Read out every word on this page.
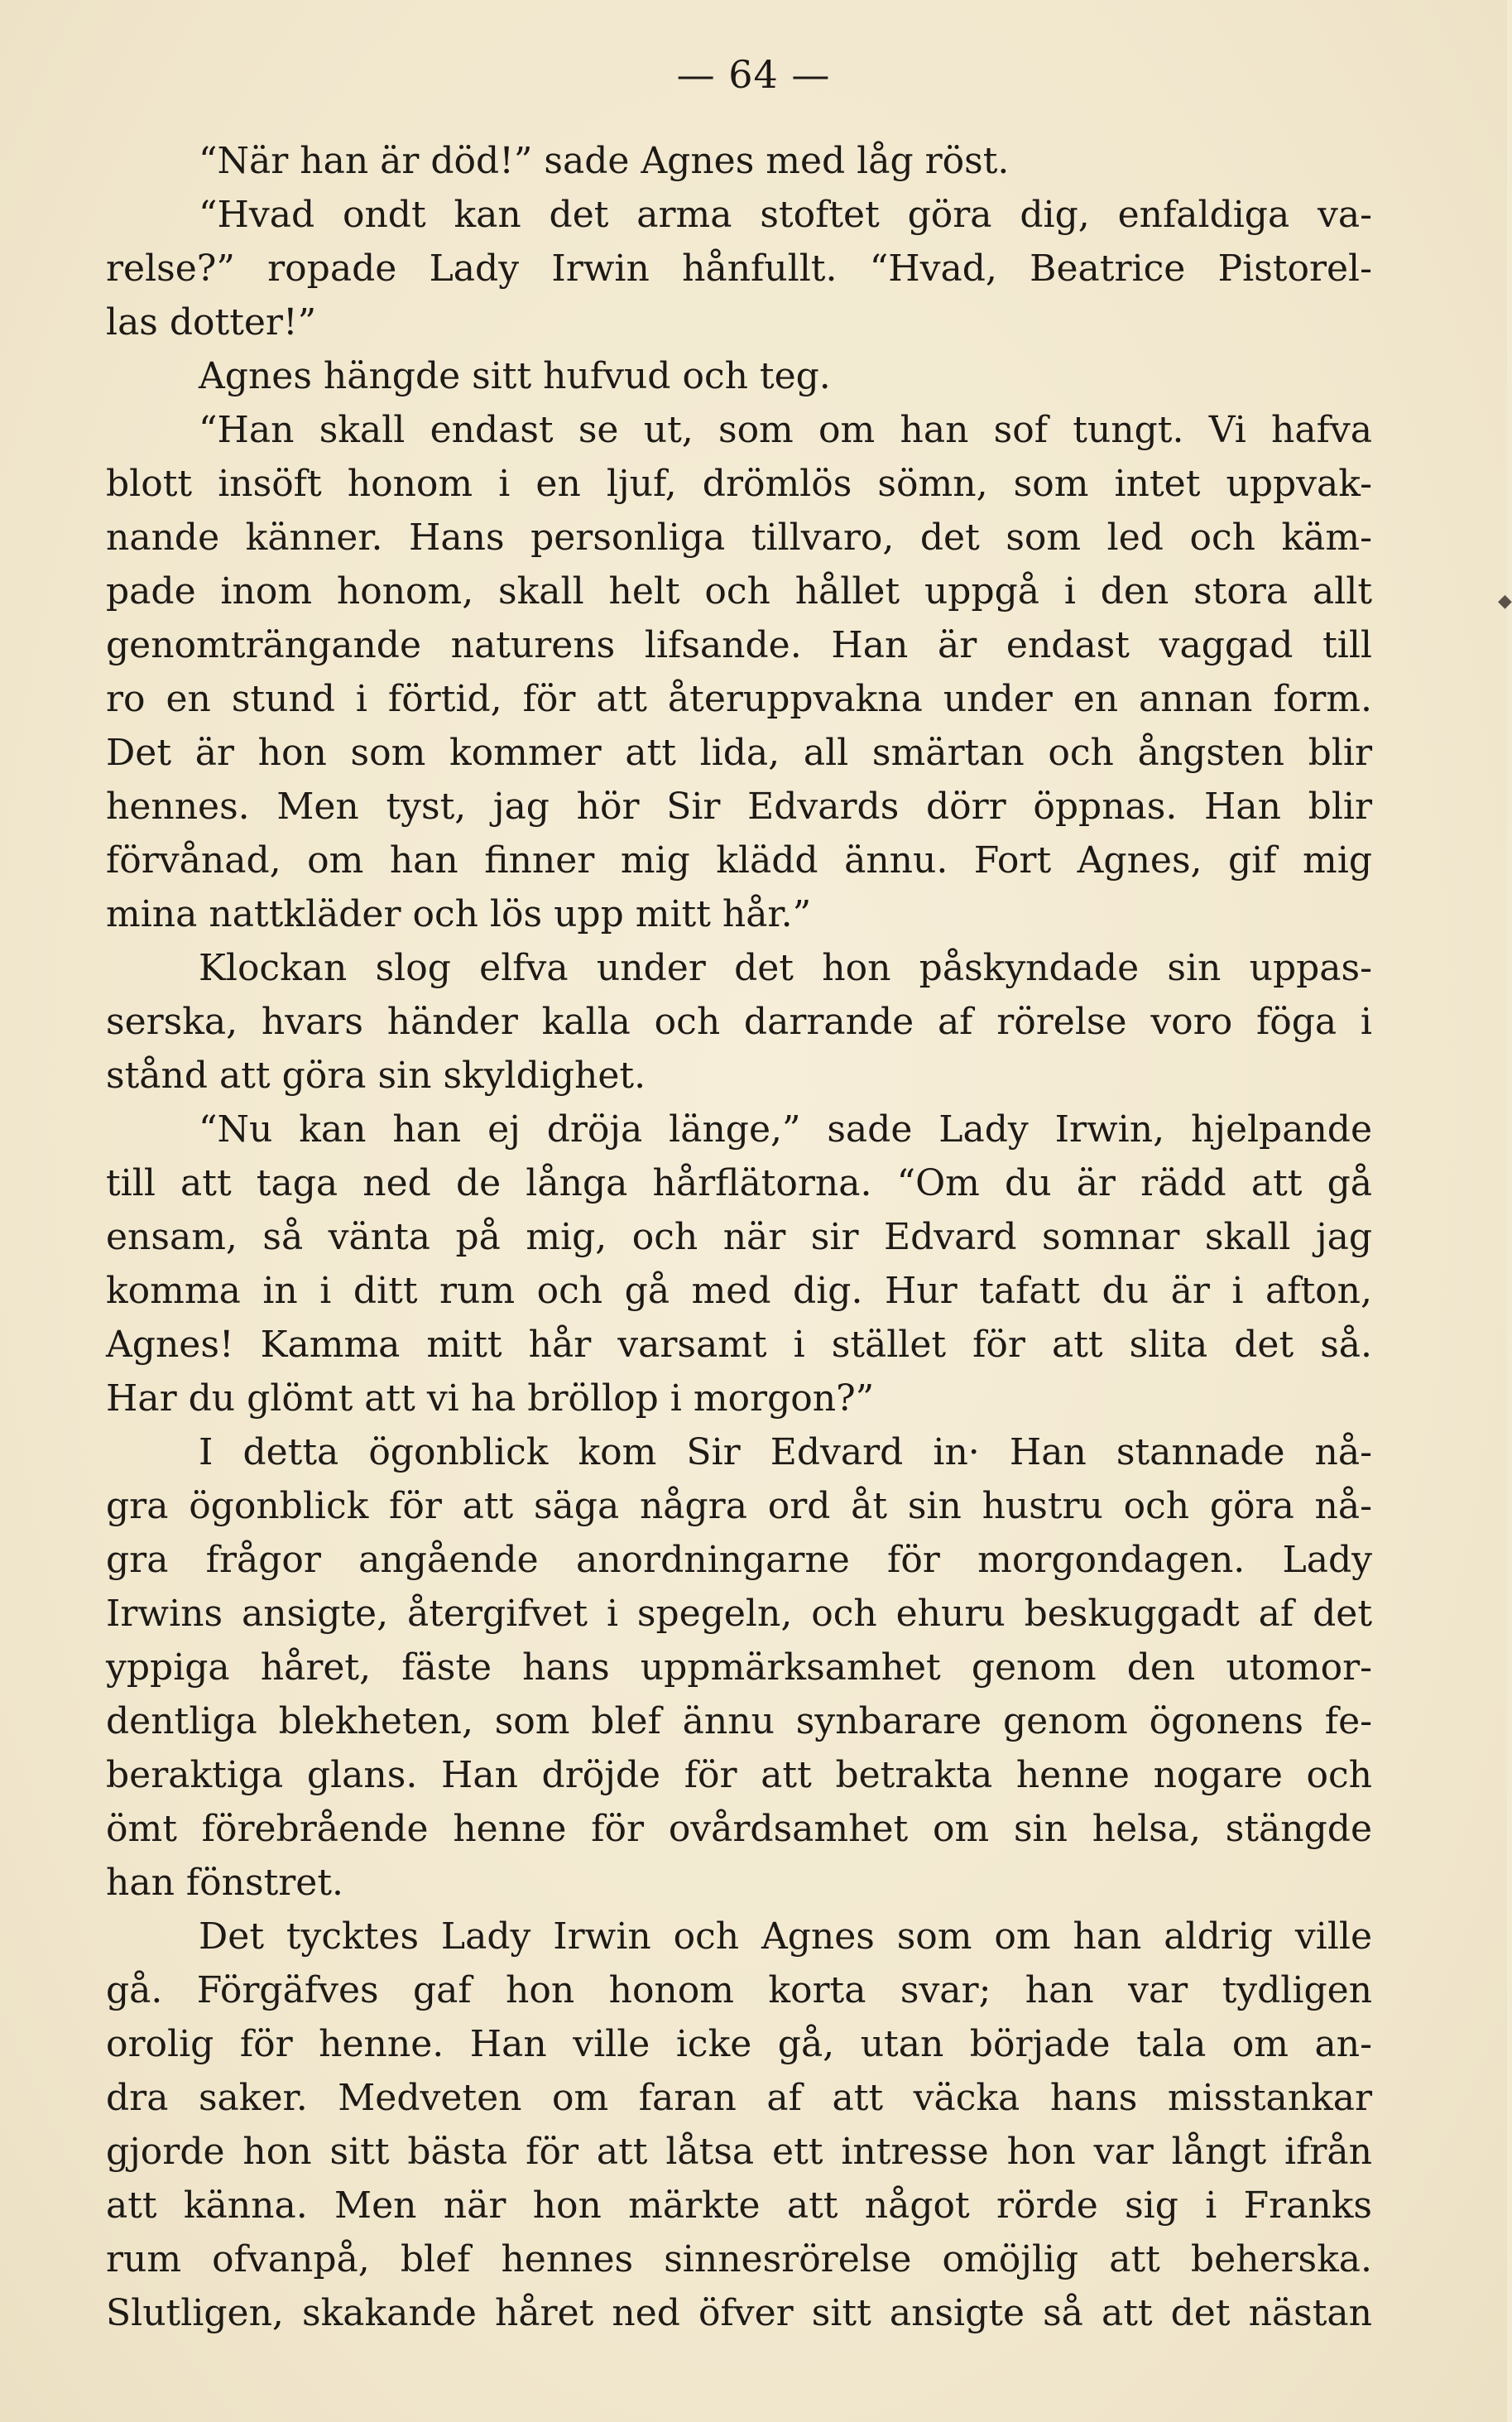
— 64 —
“När han är död!” sade Agnes med låg röst.
“Hvad ondt kan det arma stoftet göra dig, enfaldiga va-
relse?” ropade Lady Irwin hånfullt. “Hvad, Beatrice Pistorel-
las dotter!”
Agnes hängde sitt hufvud och teg.
“Han skall endast se ut, som om han sof tungt. Vi hafva
blott insöft honom i en ljuf, drömlös sömn, som intet uppvak-
nande känner. Hans personliga tillvaro, det som led och käm-
pade inom honom, skall helt och hållet uppgå i den stora allt
genomträngande naturens lifsande. Han är endast vaggad till
ro en stund i förtid, för att återuppvakna under en annan form.
Det är hon som kommer att lida, all smärtan och ångsten blir
hennes. Men tyst, jag hör Sir Edvards dörr öppnas. Han blir
förvånad, om han finner mig klädd ännu. Fort Agnes, gif mig
mina nattkläder och lös upp mitt hår.”
Klockan slog elfva under det hon påskyndade sin uppas-
serska, hvars händer kalla och darrande af rörelse voro föga i
stånd att göra sin skyldighet.
“Nu kan han ej dröja länge,” sade Lady Irwin, hjelpande
till att taga ned de långa hårflätorna. “Om du är rädd att gå
ensam, så vänta på mig, och när sir Edvard somnar skall jag
komma in i ditt rum och gå med dig. Hur tafatt du är i afton,
Agnes! Kamma mitt hår varsamt i stället för att slita det så.
Har du glömt att vi ha bröllop i morgon?”
I detta ögonblick kom Sir Edvard in· Han stannade nå-
gra ögonblick för att säga några ord åt sin hustru och göra nå-
gra frågor angående anordningarne för morgondagen. Lady
Irwins ansigte, återgifvet i spegeln, och ehuru beskuggadt af det
yppiga håret, fäste hans uppmärksamhet genom den utomor-
dentliga blekheten, som blef ännu synbarare genom ögonens fe-
beraktiga glans. Han dröjde för att betrakta henne nogare och
ömt förebrående henne för ovårdsamhet om sin helsa, stängde
han fönstret.
Det tycktes Lady Irwin och Agnes som om han aldrig ville
gå. Förgäfves gaf hon honom korta svar; han var tydligen
orolig för henne. Han ville icke gå, utan började tala om an-
dra saker. Medveten om faran af att väcka hans misstankar
gjorde hon sitt bästa för att låtsa ett intresse hon var långt ifrån
att känna. Men när hon märkte att något rörde sig i Franks
rum ofvanpå, blef hennes sinnesrörelse omöjlig att beherska.
Slutligen, skakande håret ned öfver sitt ansigte så att det nästan
◆
